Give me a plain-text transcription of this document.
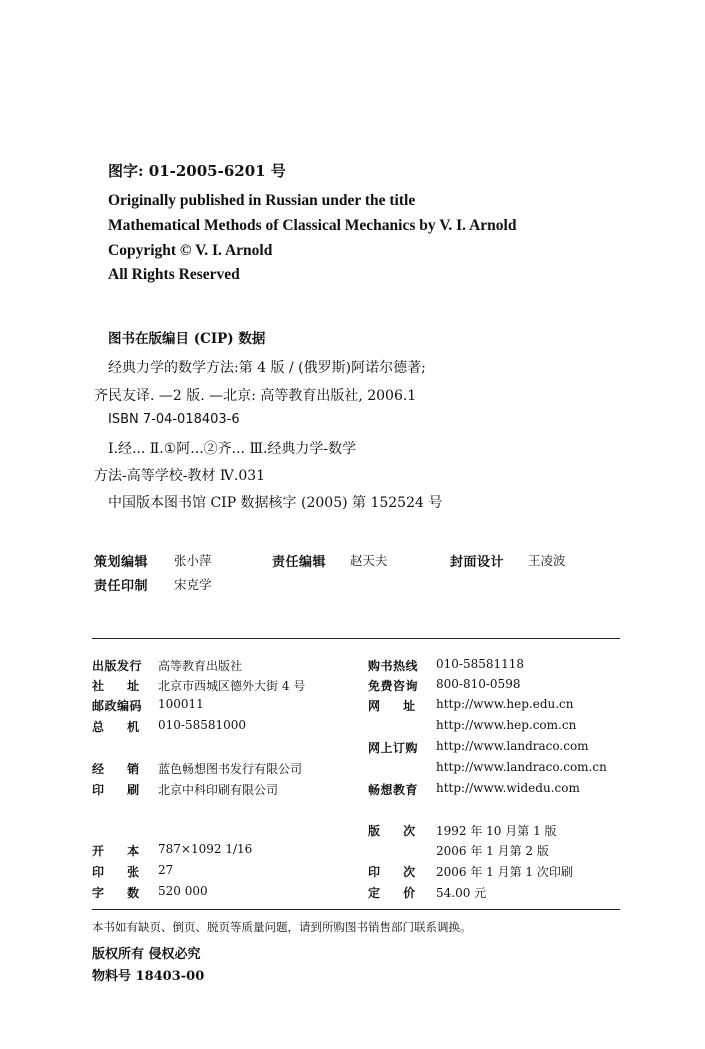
图字: 01-2005-6201 号
Originally published in Russian under the title
Mathematical Methods of Classical Mechanics by V. I. Arnold
Copyright © V. I. Arnold
All Rights Reserved
图书在版编目 (CIP) 数据
经典力学的数学方法:第 4 版 / (俄罗斯)阿诺尔德著;
齐民友译. —2 版. —北京: 高等教育出版社, 2006.1
ISBN 7-04-018403-6
Ⅰ.经... Ⅱ.①阿...②齐... Ⅲ.经典力学-数学
方法-高等学校-教材 Ⅳ.031
中国版本图书馆 CIP 数据核字 (2005) 第 152524 号
策划编辑 张小萍	责任编辑 赵天夫	封面设计 王凌波
责任印制 宋克学
出版发行 高等教育出版社
社 址 北京市西城区德外大街 4 号
邮政编码 100011
总 机 010-58581000
经 销 蓝色畅想图书发行有限公司
印 刷 北京中科印刷有限公司
购书热线 010-58581118
免费咨询 800-810-0598
网 址 http://www.hep.edu.cn
http://www.hep.com.cn
网上订购 http://www.landraco.com
http://www.landraco.com.cn
畅想教育 http://www.widedu.com
开 本 787×1092 1/16
印 张 27
字 数 520 000
版 次 1992 年 10 月第 1 版
2006 年 1 月第 2 版
印 次 2006 年 1 月第 1 次印刷
定 价 54.00 元
本书如有缺页、倒页、脱页等质量问题，请到所购图书销售部门联系调换。
版权所有 侵权必究
物料号 18403-00
